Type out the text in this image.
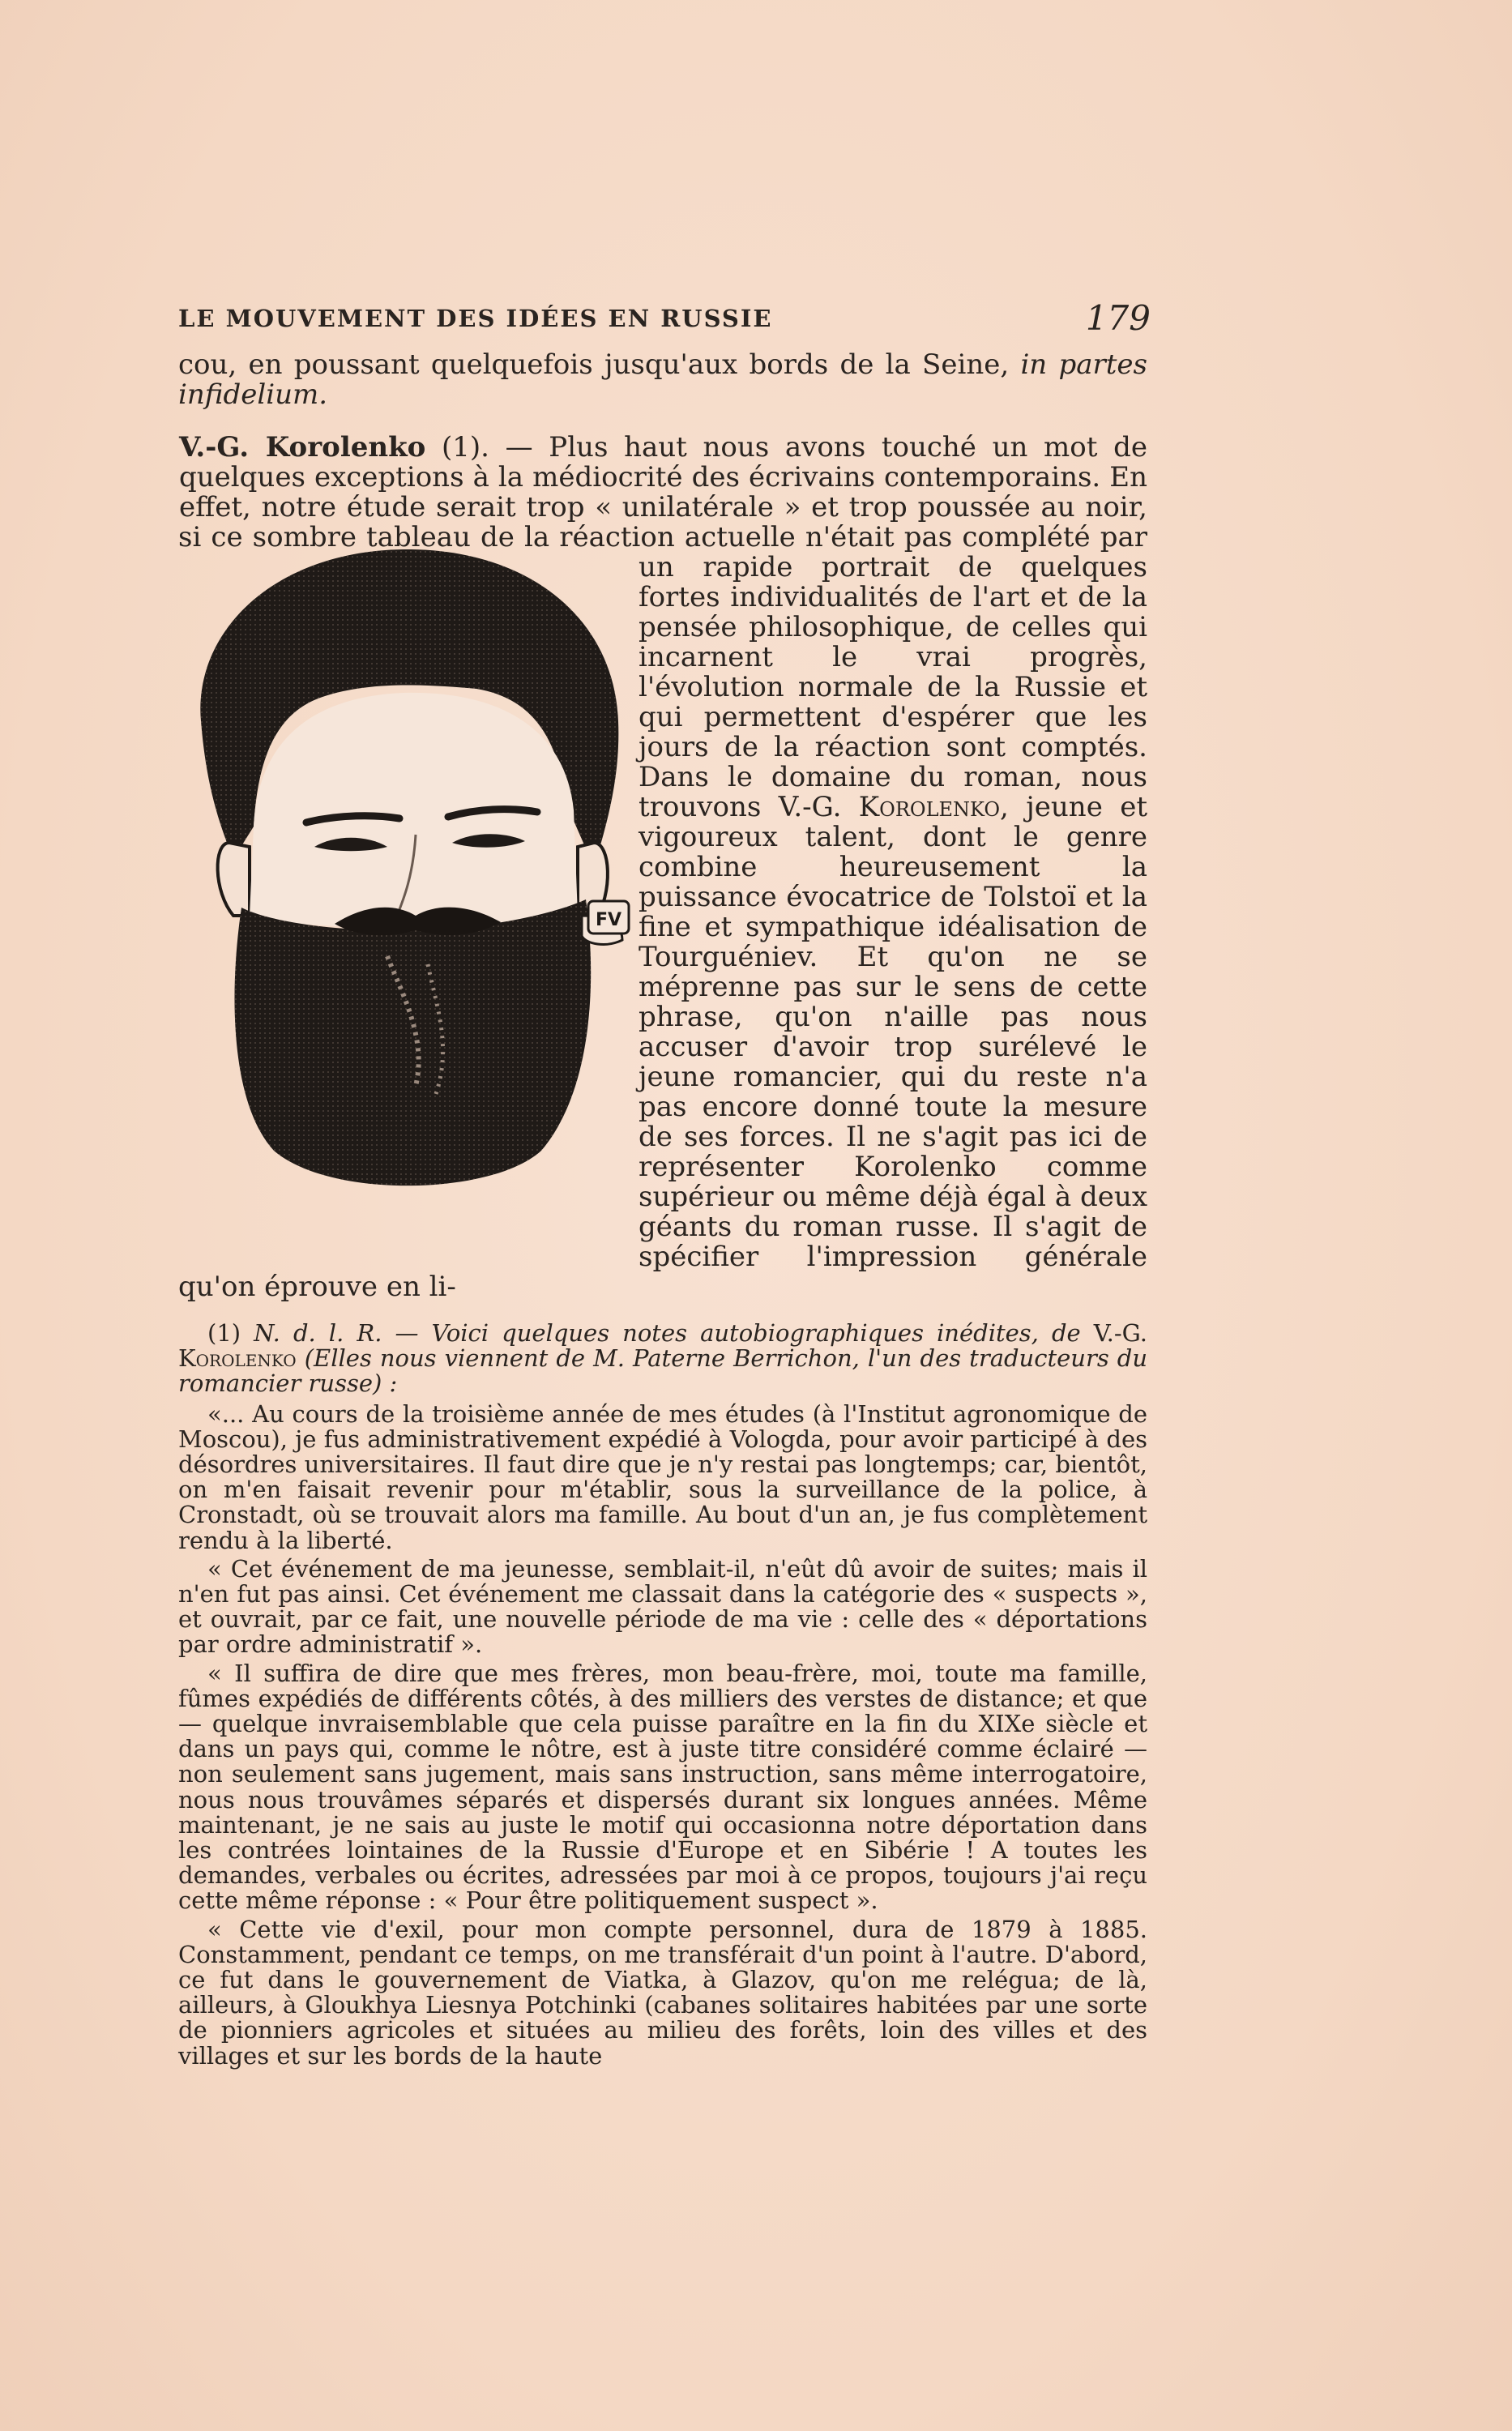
LE MOUVEMENT DES IDÉES EN RUSSIE	179
FV

cou, en poussant quelquefois jusqu'aux bords de la Seine, in partes infidelium.

V.-G. Korolenko (1). — Plus haut nous avons touché un mot de quelques exceptions à la médiocrité des écrivains contemporains. En effet, notre étude serait trop « unilatérale » et trop poussée au noir, si ce sombre tableau de la réaction actuelle n'était pas complété par un rapide portrait de quelques fortes individualités de l'art et de la pensée philosophique, de celles qui incarnent le vrai progrès, l'évolution normale de la Russie et qui permettent d'espérer que les jours de la réaction sont comptés. Dans le domaine du roman, nous trouvons V.-G. Korolenko, jeune et vigoureux talent, dont le genre combine heureusement la puissance évocatrice de Tolstoï et la fine et sympathique idéalisation de Tourguéniev. Et qu'on ne se méprenne pas sur le sens de cette phrase, qu'on n'aille pas nous accuser d'avoir trop surélevé le jeune romancier, qui du reste n'a pas encore donné toute la mesure de ses forces. Il ne s'agit pas ici de représenter Korolenko comme supérieur ou même déjà égal à deux géants du roman russe. Il s'agit de spécifier l'impression générale qu'on éprouve en li-

(1) N. d. l. R. — Voici quelques notes autobiographiques inédites, de V.-G. Korolenko (Elles nous viennent de M. Paterne Berrichon, l'un des traducteurs du romancier russe) :

«... Au cours de la troisième année de mes études (à l'Institut agronomique de Moscou), je fus administrativement expédié à Vologda, pour avoir participé à des désordres universitaires. Il faut dire que je n'y restai pas longtemps; car, bientôt, on m'en faisait revenir pour m'établir, sous la surveillance de la police, à Cronstadt, où se trouvait alors ma famille. Au bout d'un an, je fus complètement rendu à la liberté.

« Cet événement de ma jeunesse, semblait-il, n'eût dû avoir de suites; mais il n'en fut pas ainsi. Cet événement me classait dans la catégorie des « suspects », et ouvrait, par ce fait, une nouvelle période de ma vie : celle des « déportations par ordre administratif ».

« Il suffira de dire que mes frères, mon beau-frère, moi, toute ma famille, fûmes expédiés de différents côtés, à des milliers des verstes de distance; et que — quelque invraisemblable que cela puisse paraître en la fin du XIXe siècle et dans un pays qui, comme le nôtre, est à juste titre considéré comme éclairé — non seulement sans jugement, mais sans instruction, sans même interrogatoire, nous nous trouvâmes séparés et dispersés durant six longues années. Même maintenant, je ne sais au juste le motif qui occasionna notre déportation dans les contrées lointaines de la Russie d'Europe et en Sibérie ! A toutes les demandes, verbales ou écrites, adressées par moi à ce propos, toujours j'ai reçu cette même réponse : « Pour être politiquement suspect ».

« Cette vie d'exil, pour mon compte personnel, dura de 1879 à 1885. Constamment, pendant ce temps, on me transférait d'un point à l'autre. D'abord, ce fut dans le gouvernement de Viatka, à Glazov, qu'on me relégua; de là, ailleurs, à Gloukhya Liesnya Potchinki (cabanes solitaires habitées par une sorte de pionniers agricoles et situées au milieu des forêts, loin des villes et des villages et sur les bords de la haute
